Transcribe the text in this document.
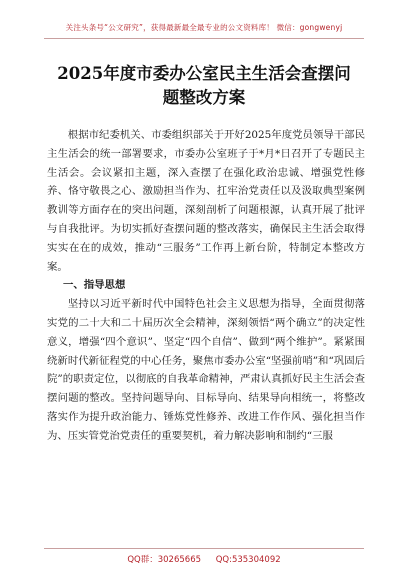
关注头条号“公文研究”，获得最新最全最专业的公文资料库！ 微信：gongwenyj
2025年度市委办公室民主生活会查摆问题整改方案

根据市纪委机关、市委组织部关于开好2025年度党员领导干部民主生活会的统一部署要求，市委办公室班子于*月*日召开了专题民主生活会。会议紧扣主题，深入查摆了在强化政治忠诚、增强党性修养、恪守敬畏之心、激励担当作为、扛牢治党责任以及汲取典型案例教训等方面存在的突出问题，深刻剖析了问题根源，认真开展了批评与自我批评。为切实抓好查摆问题的整改落实，确保民主生活会取得实实在在的成效，推动“三服务”工作再上新台阶，特制定本整改方案。

一、指导思想

坚持以习近平新时代中国特色社会主义思想为指导，全面贯彻落实党的二十大和二十届历次全会精神，深刻领悟“两个确立”的决定性意义，增强“四个意识”、坚定“四个自信”、做到“两个维护”。紧紧围绕新时代新征程党的中心任务，聚焦市委办公室“坚强前哨”和“巩固后院”的职责定位，以彻底的自我革命精神，严肃认真抓好民主生活会查摆问题的整改。坚持问题导向、目标导向、结果导向相统一，将整改落实作为提升政治能力、锤炼党性修养、改进工作作风、强化担当作为、压实管党治党责任的重要契机，着力解决影响和制约“三服

QQ群：30265665 QQ:535304092
